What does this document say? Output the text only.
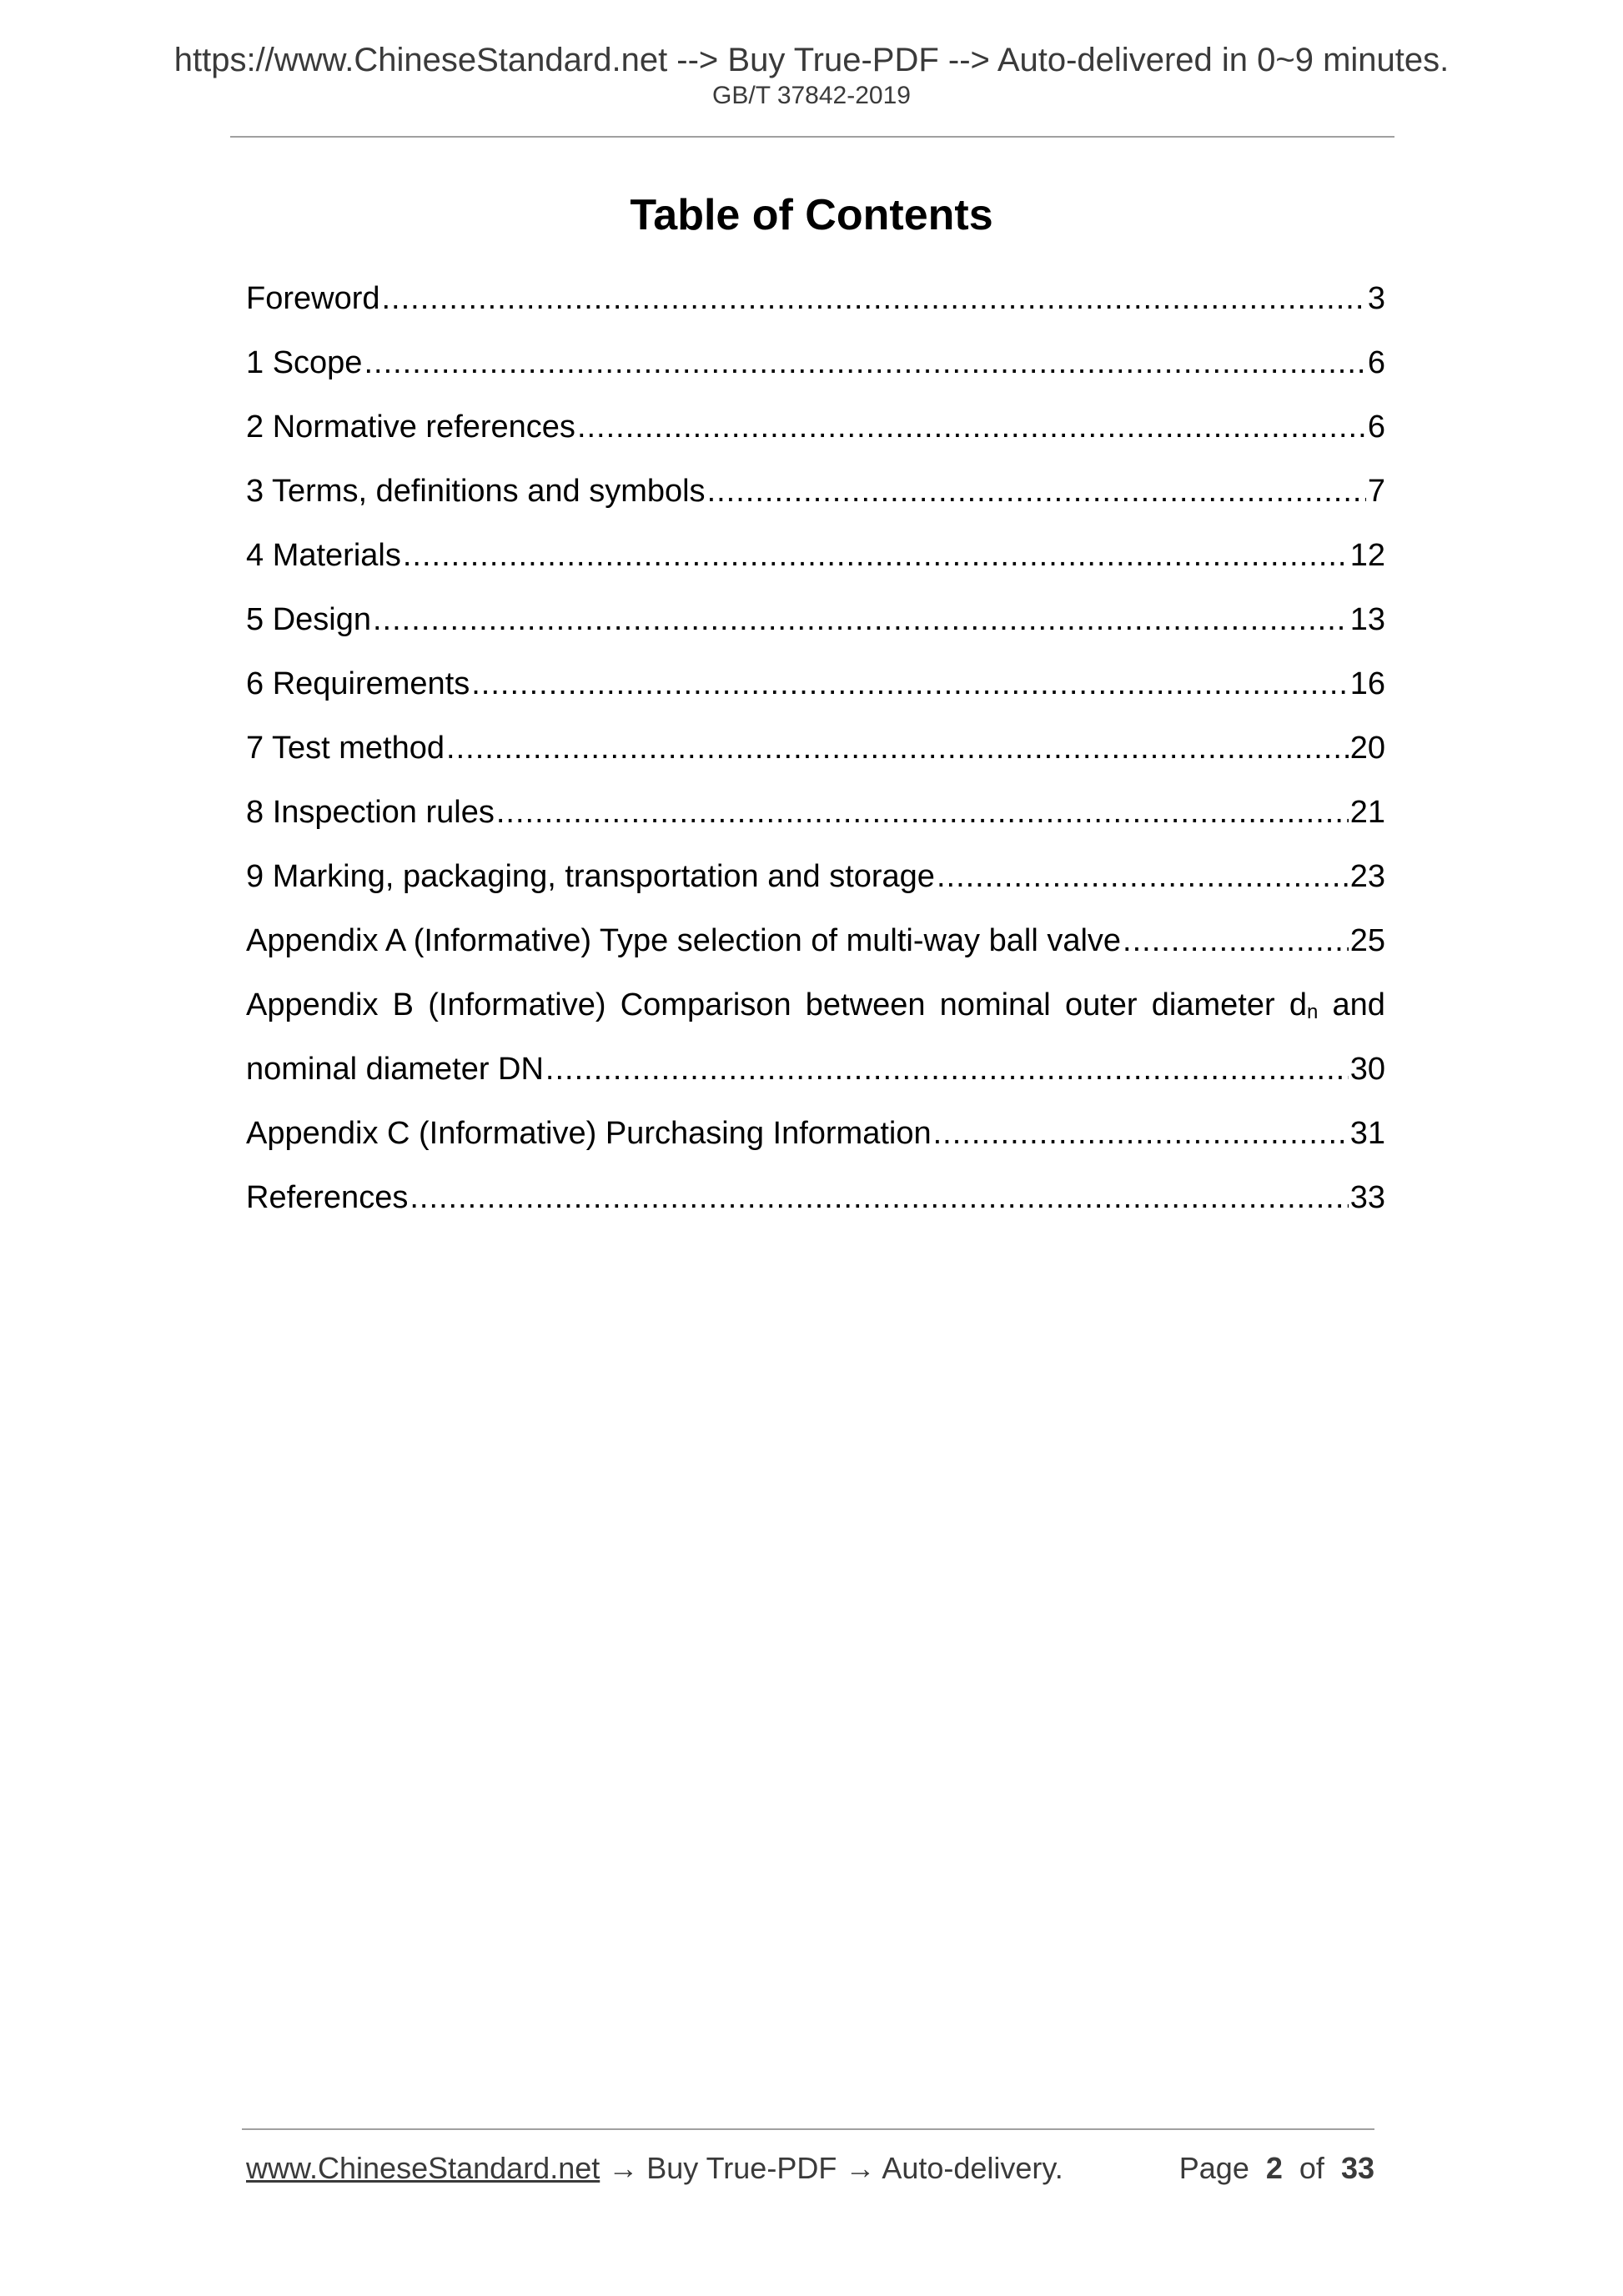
https://www.ChineseStandard.net --> Buy True-PDF --> Auto-delivered in 0~9 minutes.
GB/T 37842-2019
Table of Contents
Foreword .....	3
1 Scope .....	6
2 Normative references .....	6
3 Terms, definitions and symbols .....	7
4 Materials .....	12
5 Design .....	13
6 Requirements .....	16
7 Test method .....	20
8 Inspection rules .....	21
9 Marking, packaging, transportation and storage .....	23
Appendix A (Informative) Type selection of multi-way ball valve .....	25
Appendix B (Informative) Comparison between nominal outer diameter $d_n$ and
nominal diameter DN .....	30
Appendix C (Informative) Purchasing Information .....	31
References .....	33
www.ChineseStandard.net → Buy True-PDF → Auto-delivery.	Page 2 of 33
